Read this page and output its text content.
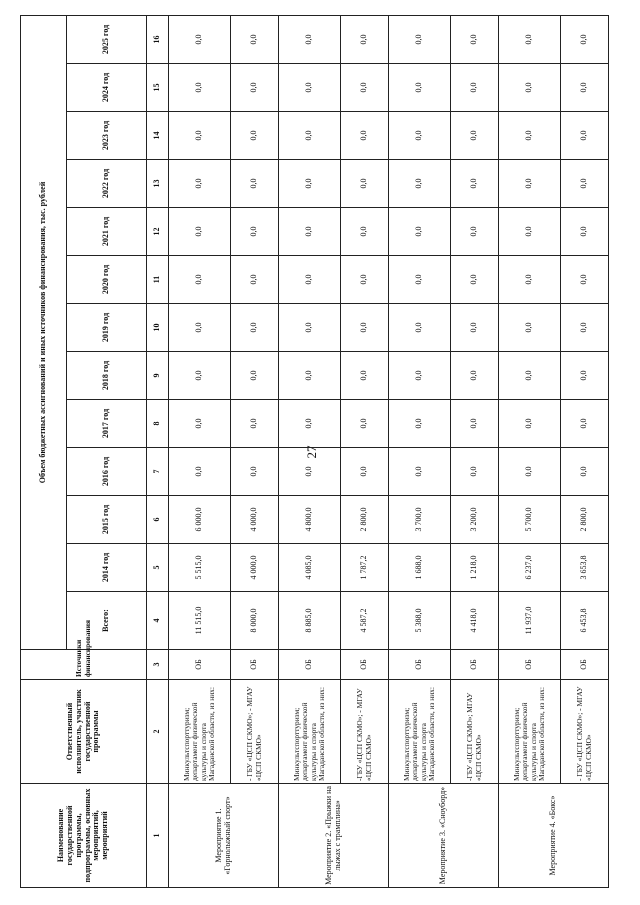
27
Наименование государственной программы, подпрограммы, основных мероприятий, мероприятий	Ответственный исполнитель, участник государственной программы	Источники финансирования	Объем бюджетных ассигнований и иных источников финансирования, тыс. рублей												
			Всего:	2014 год	2015 год	2016 год	2017 год	2018 год	2019 год	2020 год	2021 год	2022 год	2023 год	2024 год	2025 год
1	2	3	4	5	6	7	8	9	10	11	12	13	14	15	16
Мероприятие 1. «Горнолыжный спорт»	Минкультспорттуризм; департамент физической культуры и спорта Магаданской области, из них:	ОБ	11 515,0	5 515,0	6 000,0	0,0	0,0	0,0	0,0	0,0	0,0	0,0	0,0	0,0	0,0
	- ГБУ «ЦСП СКМО»; - МГАУ «ЦСП СКМО»	ОБ	8 000,0	4 000,0	4 000,0	0,0	0,0	0,0	0,0	0,0	0,0	0,0	0,0	0,0	0,0
Мероприятие 2. «Прыжки на лыжах с трамплина»	Минкультспорттуризм; департамент физической культуры и спорта Магаданской области, из них:	ОБ	8 885,0	4 085,0	4 800,0	0,0	0,0	0,0	0,0	0,0	0,0	0,0	0,0	0,0	0,0
	-ГБУ «ЦСП СКМО»; - МГАУ «ЦСП СКМО»	ОБ	4 587,2	1 787,2	2 800,0	0,0	0,0	0,0	0,0	0,0	0,0	0,0	0,0	0,0	0,0
Мероприятие 3. «Сноуборд»	Минкультспорттуризм; департамент физической культуры и спорта Магаданской области, из них:	ОБ	5 388,0	1 688,0	3 700,0	0,0	0,0	0,0	0,0	0,0	0,0	0,0	0,0	0,0	0,0
	-ГБУ «ЦСП СКМО»; МГАУ «ЦСП СКМО»	ОБ	4 418,0	1 218,0	3 200,0	0,0	0,0	0,0	0,0	0,0	0,0	0,0	0,0	0,0	0,0
Мероприятие 4. «Бокс»	Минкультспорттуризм; департамент физической культуры и спорта Магаданской области, из них:	ОБ	11 937,0	6 237,0	5 700,0	0,0	0,0	0,0	0,0	0,0	0,0	0,0	0,0	0,0	0,0
	- ГБУ «ЦСП СКМО»; - МГАУ «ЦСП СКМО»	ОБ	6 453,8	3 653,8	2 800,0	0,0	0,0	0,0	0,0	0,0	0,0	0,0	0,0	0,0	0,0
